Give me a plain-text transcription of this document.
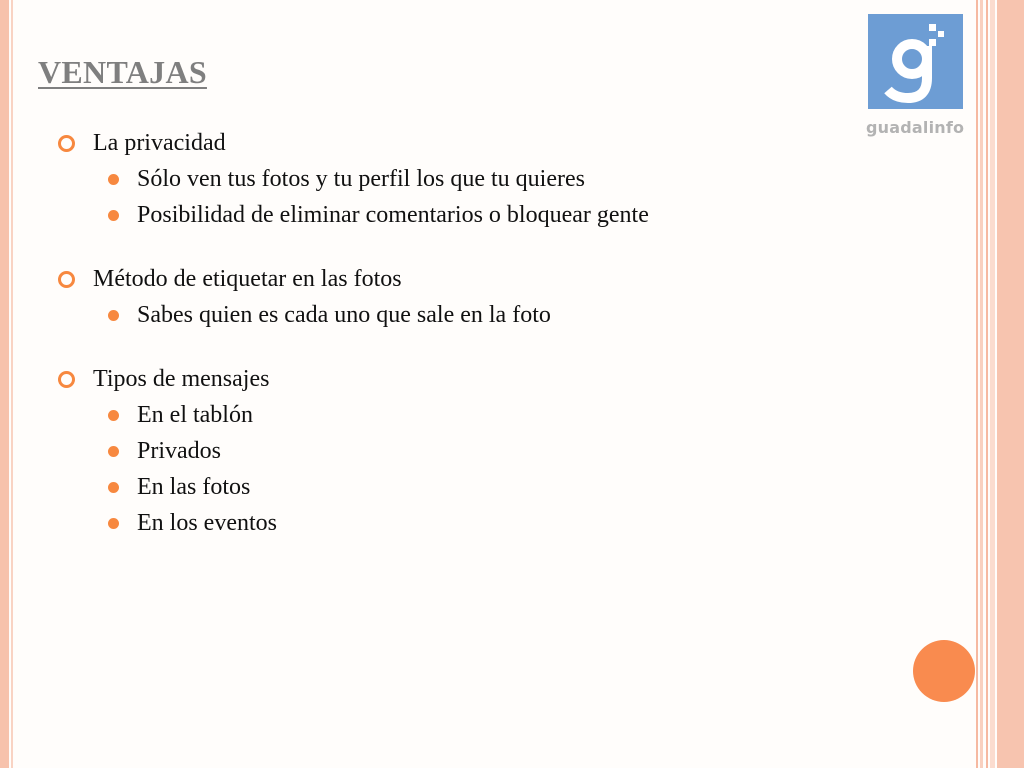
guadalinfo
VENTAJAS
La privacidad
Sólo ven tus fotos y tu perfil los que tu quieres
Posibilidad de eliminar comentarios o bloquear gente
Método de etiquetar en las fotos
Sabes quien es cada uno que sale en la foto
Tipos de mensajes
En el tablón
Privados
En las fotos
En los eventos
